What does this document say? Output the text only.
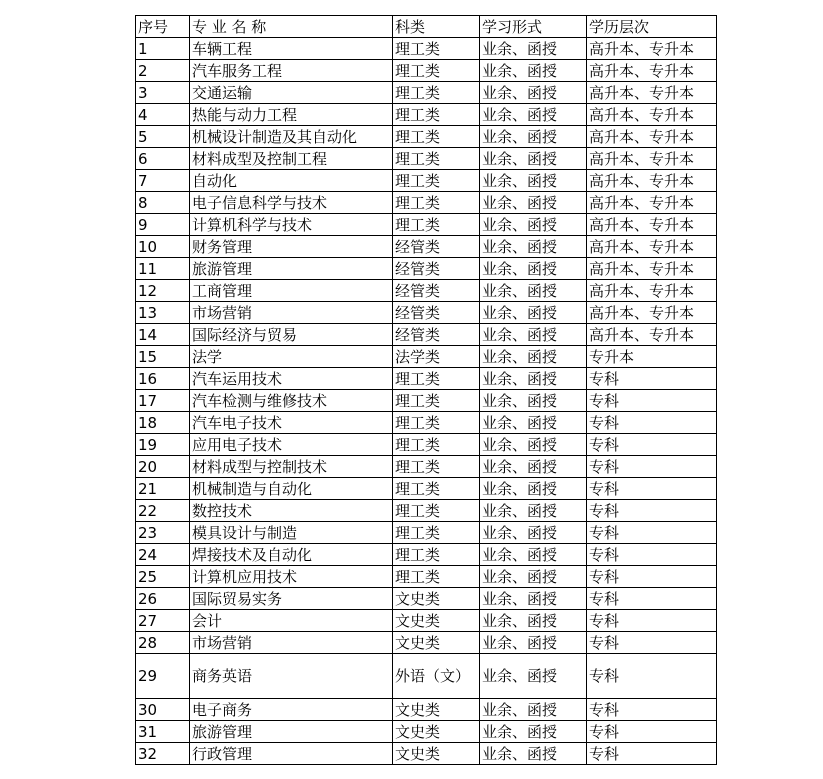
序号	专 业 名 称	科类	学习形式	学历层次
1	车辆工程	理工类	业余、函授	高升本、专升本
2	汽车服务工程	理工类	业余、函授	高升本、专升本
3	交通运输	理工类	业余、函授	高升本、专升本
4	热能与动力工程	理工类	业余、函授	高升本、专升本
5	机械设计制造及其自动化	理工类	业余、函授	高升本、专升本
6	材料成型及控制工程	理工类	业余、函授	高升本、专升本
7	自动化	理工类	业余、函授	高升本、专升本
8	电子信息科学与技术	理工类	业余、函授	高升本、专升本
9	计算机科学与技术	理工类	业余、函授	高升本、专升本
10	财务管理	经管类	业余、函授	高升本、专升本
11	旅游管理	经管类	业余、函授	高升本、专升本
12	工商管理	经管类	业余、函授	高升本、专升本
13	市场营销	经管类	业余、函授	高升本、专升本
14	国际经济与贸易	经管类	业余、函授	高升本、专升本
15	法学	法学类	业余、函授	专升本
16	汽车运用技术	理工类	业余、函授	专科
17	汽车检测与维修技术	理工类	业余、函授	专科
18	汽车电子技术	理工类	业余、函授	专科
19	应用电子技术	理工类	业余、函授	专科
20	材料成型与控制技术	理工类	业余、函授	专科
21	机械制造与自动化	理工类	业余、函授	专科
22	数控技术	理工类	业余、函授	专科
23	模具设计与制造	理工类	业余、函授	专科
24	焊接技术及自动化	理工类	业余、函授	专科
25	计算机应用技术	理工类	业余、函授	专科
26	国际贸易实务	文史类	业余、函授	专科
27	会计	文史类	业余、函授	专科
28	市场营销	文史类	业余、函授	专科
29	商务英语	外语（文）	业余、函授	专科
30	电子商务	文史类	业余、函授	专科
31	旅游管理	文史类	业余、函授	专科
32	行政管理	文史类	业余、函授	专科
